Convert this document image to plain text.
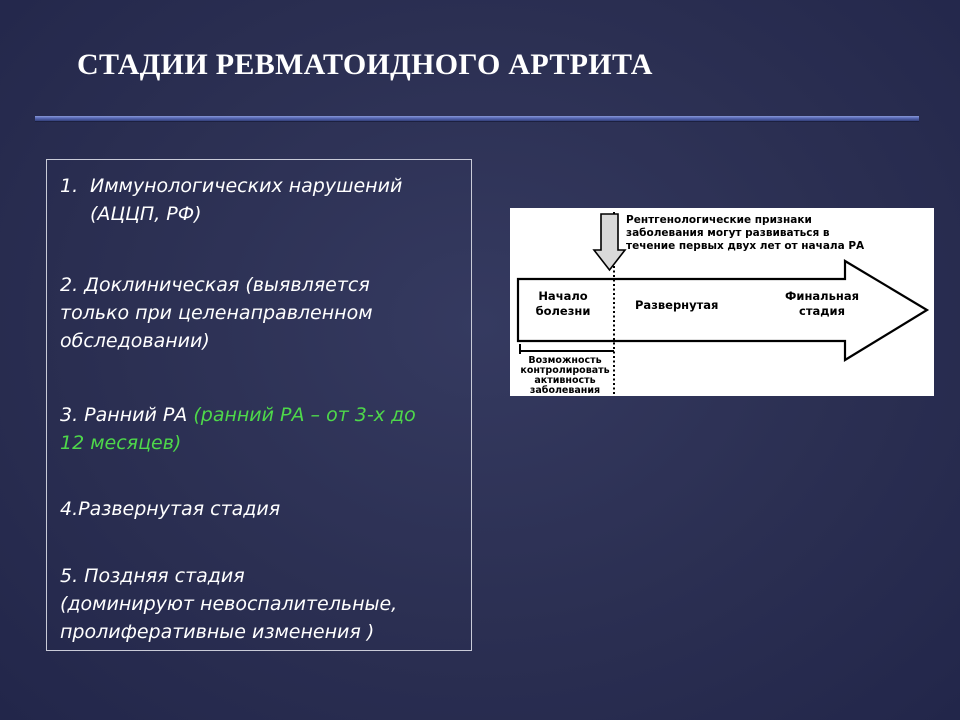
СТАДИИ РЕВМАТОИДНОГО АРТРИТА
1. Иммунологических нарушений

(АЦЦП, РФ)

2. Доклиническая (выявляется

только при целенаправленном

обследовании)

3. Ранний РА (ранний РА – от 3-х до

12 месяцев)

4.Развернутая стадия

5. Поздняя стадия

(доминируют невоспалительные,

пролиферативные изменения )

Рентгенологические признаки
заболевания могут развиваться в
течение первых двух лет от начала РА
Начало
болезни	Развернутая
Финальная
стадия
Возможность
контролировать
активность
заболевания
